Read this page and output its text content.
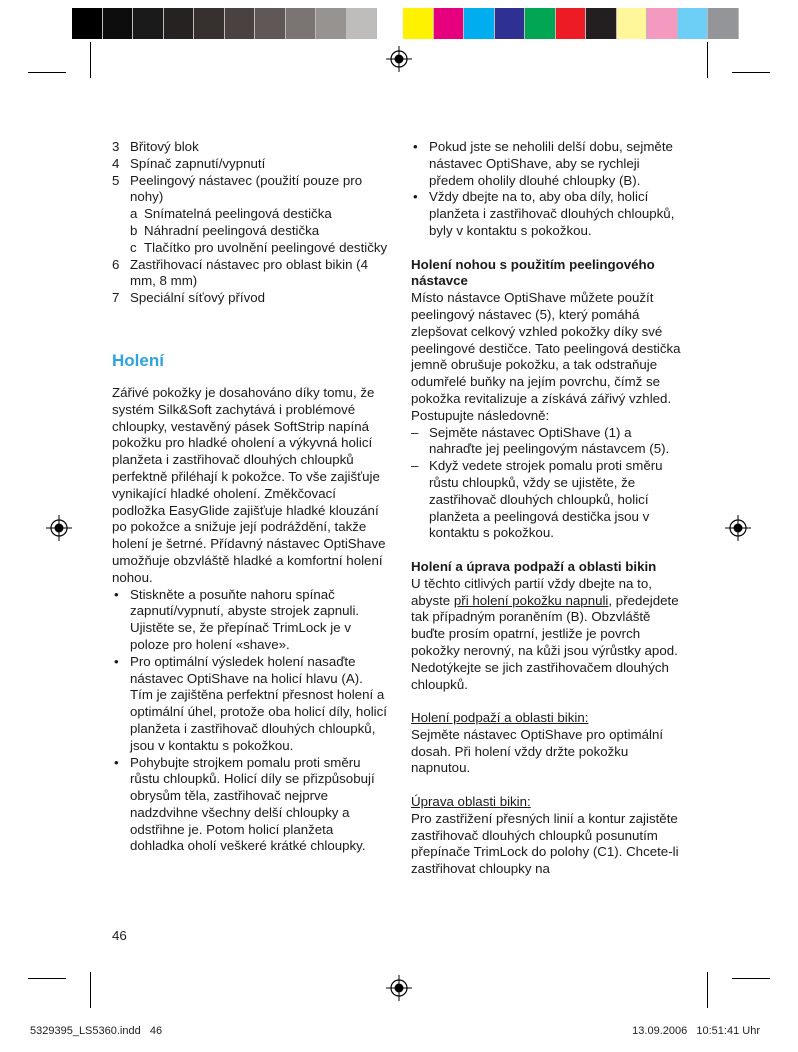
3 Břitový blok
4 Spínač zapnutí/vypnutí
5 Peelingový nástavec (použití pouze pro nohy)
a Snímatelná peelingová destička
b Náhradní peelingová destička
c Tlačítko pro uvolnění peelingové destičky
6 Zastřihovací nástavec pro oblast bikin (4 mm, 8 mm)
7 Speciální síťový přívod

Holení

Zářivé pokožky je dosahováno díky tomu, že systém Silk&Soft zachytává i problémové chloupky, vestavěný pásek SoftStrip napíná pokožku pro hladké oholení a výkyvná holicí planžeta i zastřihovač dlouhých chloupků perfektně přiléhají k pokožce. To vše zajišťuje vynikající hladké oholení. Změkčovací podložka EasyGlide zajišťuje hladké klouzání po pokožce a snižuje její podráždění, takže holení je šetrné. Přídavný nástavec OptiShave umožňuje obzvláště hladké a komfortní holení nohou.

• Stiskněte a posuňte nahoru spínač zapnutí/vypnutí, abyste strojek zapnuli. Ujistěte se, že přepínač TrimLock je v poloze pro holení «shave».
• Pro optimální výsledek holení nasaďte nástavec OptiShave na holicí hlavu (A). Tím je zajištěna perfektní přesnost holení a optimální úhel, protože oba holicí díly, holicí planžeta i zastřihovač dlouhých chloupků, jsou v kontaktu s pokožkou.
• Pohybujte strojkem pomalu proti směru růstu chloupků. Holicí díly se přizpůsobují obrysům těla, zastřihovač nejprve nadzdvihne všechny delší chloupky a odstřihne je. Potom holicí planžeta dohladka oholí veškeré krátké chloupky.
46
• Pokud jste se neholili delší dobu, sejměte nástavec OptiShave, aby se rychleji předem oholily dlouhé chloupky (B).
• Vždy dbejte na to, aby oba díly, holicí planžeta i zastřihovač dlouhých chloupků, byly v kontaktu s pokožkou.

Holení nohou s použitím peelingového nástavce

Místo nástavce OptiShave můžete použít peelingový nástavec (5), který pomáhá zlepšovat celkový vzhled pokožky díky své peelingové destičce. Tato peelingová destička jemně obrušuje pokožku, a tak odstraňuje odumřelé buňky na jejím povrchu, čímž se pokožka revitalizuje a získává zářivý vzhled.

Postupujte následovně:

– Sejměte nástavec OptiShave (1) a nahraďte jej peelingovým nástavcem (5).
– Když vedete strojek pomalu proti směru růstu chloupků, vždy se ujistěte, že zastřihovač dlouhých chloupků, holicí planžeta a peelingová destička jsou v kontaktu s pokožkou.

Holení a úprava podpaží a oblasti bikin

U těchto citlivých partií vždy dbejte na to, abyste při holení pokožku napnuli, předejdete tak případným poraněním (B). Obzvláště buďte prosím opatrní, jestliže je povrch pokožky nerovný, na kůži jsou výrůstky apod. Nedotýkejte se jich zastřihovačem dlouhých chloupků.

Holení podpaží a oblasti bikin:

Sejměte nástavec OptiShave pro optimální dosah. Při holení vždy držte pokožku napnutou.

Úprava oblasti bikin:

Pro zastřižení přesných linií a kontur zajistěte zastřihovač dlouhých chloupků posunutím přepínače TrimLock do polohy (C1). Chcete-li zastřihovat chloupky na

5329395_LS5360.indd   46	13.09.2006   10:51:41 Uhr
